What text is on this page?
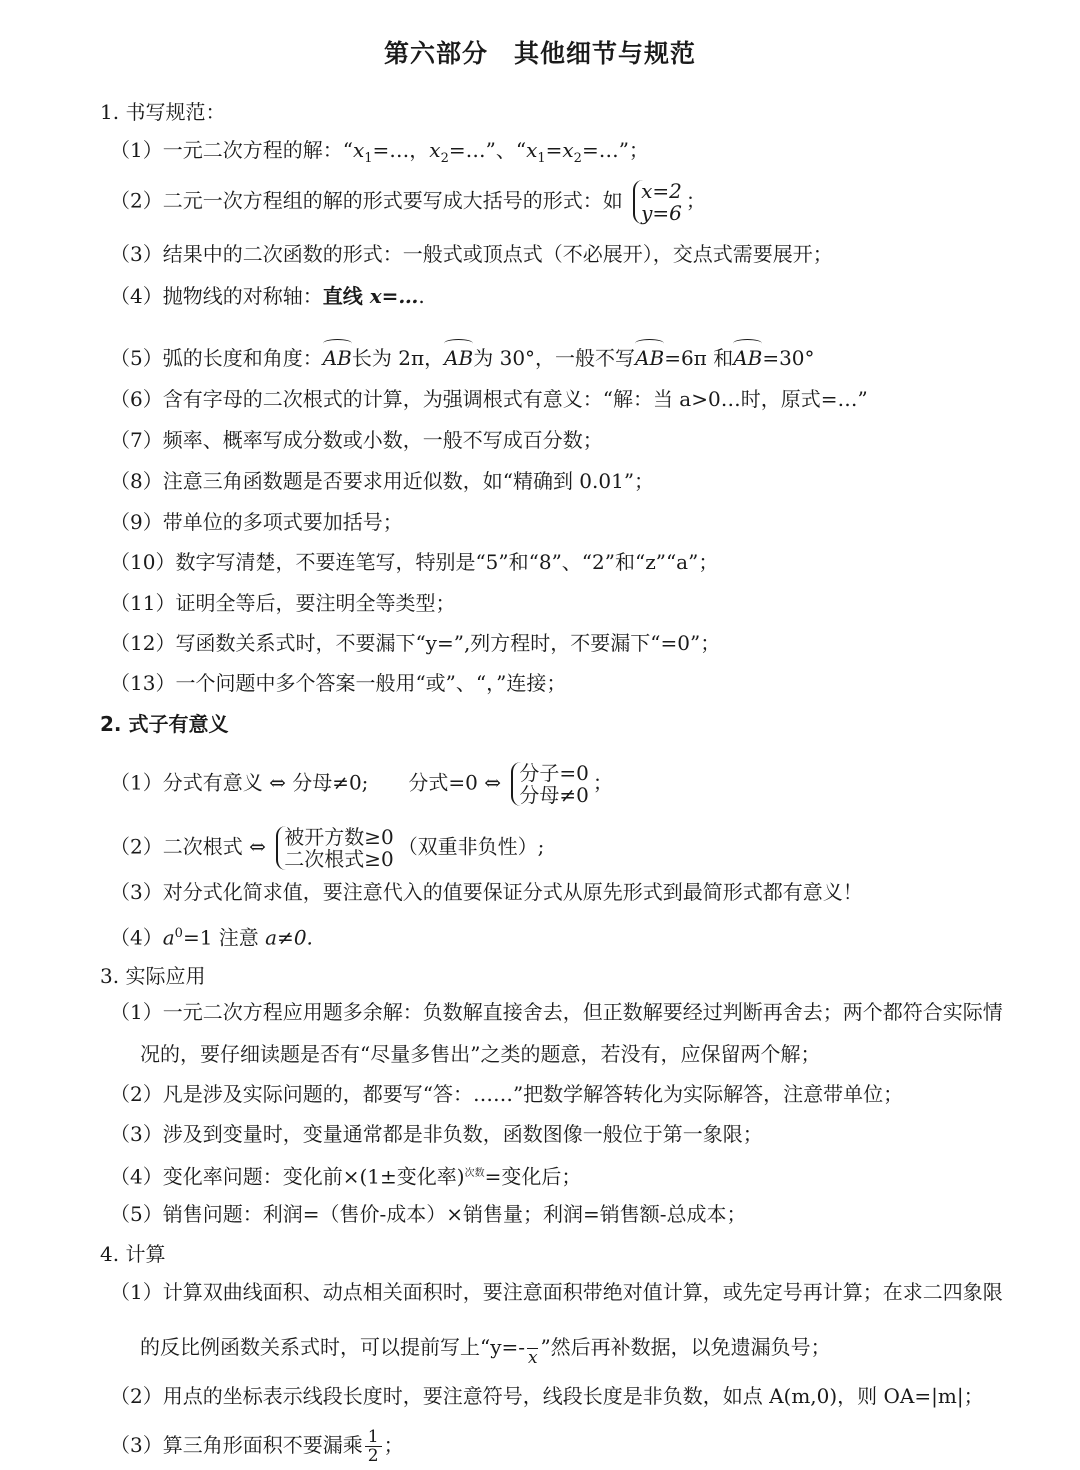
第六部分　其他细节与规范
1. 书写规范：
（1）一元二次方程的解：“$x_1=\dots$，$x_2=\dots$”、“$x_1=x_2=\dots$”；
（2）二元一次方程组的解的形式要写成大括号的形式：如 x=2
y=6
；
（3）结果中的二次函数的形式：一般式或顶点式（不必展开），交点式需要展开；
（4）抛物线的对称轴：直线 x=….
（5）弧的长度和角度：AB长为 2π，AB为 30°，一般不写AB=6π 和AB=30°
（6）含有字母的二次根式的计算，为强调根式有意义：“解：当 a>0…时，原式=…”
（7）频率、概率写成分数或小数，一般不写成百分数；
（8）注意三角函数题是否要求用近似数，如“精确到 0.01”；
（9）带单位的多项式要加括号；
（10）数字写清楚，不要连笔写，特别是“5”和“8”、“2”和“z”“a”；
（11）证明全等后，要注明全等类型；
（12）写函数关系式时，不要漏下“y=”,列方程时，不要漏下“=0”；
（13）一个问题中多个答案一般用“或”、“，”连接；
2. 式子有意义
（1）分式有意义 ⇔ 分母≠0;　　分式=0 ⇔ 分子=0
分母≠0
；
（2）二次根式 ⇔ 被开方数≥0
二次根式≥0
（双重非负性）;
（3）对分式化简求值，要注意代入的值要保证分式从原先形式到最简形式都有意义！
$(4)a^0=1$ 注意 a≠0.
3. 实际应用
（1）一元二次方程应用题多余解：负数解直接舍去，但正数解要经过判断再舍去；两个都符合实际情
况的，要仔细读题是否有“尽量多售出”之类的题意，若没有，应保留两个解；
（2）凡是涉及实际问题的，都要写“答：……”把数学解答转化为实际解答，注意带单位；
（3）涉及到变量时，变量通常都是非负数，函数图像一般位于第一象限；
（4）变化率问题：变化前×(1±变化率)$^{次数}$=变化后；
（5）销售问题：利润=（售价-成本）×销售量；利润=销售额-总成本；
4. 计算
（1）计算双曲线面积、动点相关面积时，要注意面积带绝对值计算，或先定号再计算；在求二四象限
的反比例函数关系式时，可以提前写上“y=-
x ”然后再补数据，以免遗漏负号；
（2）用点的坐标表示线段长度时，要注意符号，线段长度是非负数，如点 A(m,0)，则 OA=|m|；
（3）算三角形面积不要漏乘 $\frac{1}{2}$ ；
